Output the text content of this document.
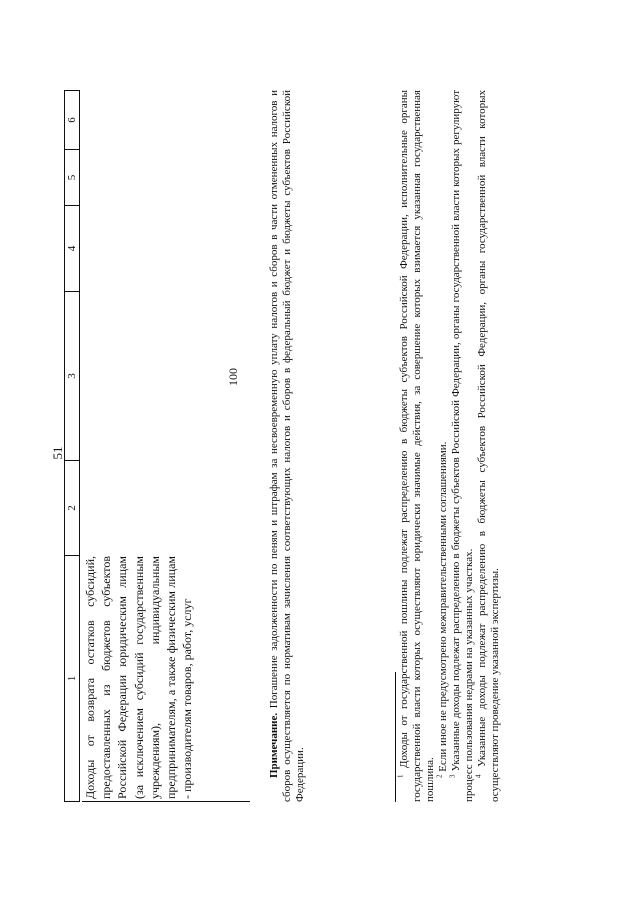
51
1
2
3
4
5
6
Доходы от возврата остатков субсидий, предоставленных из бюджетов субъектов Российской Федерации юридическим лицам (за исключением субсидий государственным учреждениям), индивидуальным предпринимателям, а также физическим лицам - производителям товаров, работ, услуг
100

Примечание. Погашение задолженности по пеням и штрафам за несвоевременную уплату налогов и сборов в части отмененных налогов и сборов осуществляется по нормативам зачисления соответствующих налогов и сборов в федеральный бюджет и бюджеты субъектов Российской Федерации.	$^1$ Доходы от государственной пошлины подлежат распределению в бюджеты субъектов Российской Федерации, исполнительные органы государственной власти которых осуществляют юридически значимые действия, за совершение которых взимается указанная государственная пошлина. $^2$ Если иное не предусмотрено межправительственными соглашениями.

$^3$ Указанные доходы подлежат распределению в бюджеты субъектов Российской Федерации, органы государственной власти которых регулируют процесс пользования недрами на указанных участках. $^4$ Указанные доходы подлежат распределению в бюджеты субъектов Российской Федерации, органы государственной власти которых осуществляют проведение указанной экспертизы.
